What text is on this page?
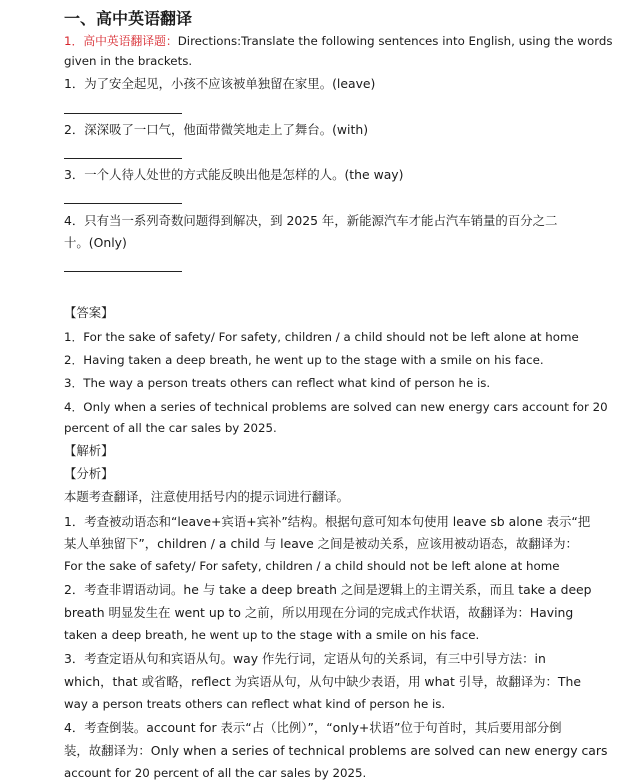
一、高中英语翻译
1．高中英语翻译题：Directions:Translate the following sentences into English, using the words
given in the brackets.
1．为了安全起见，小孩不应该被单独留在家里。(leave)
2．深深吸了一口气，他面带微笑地走上了舞台。(with)
3．一个人待人处世的方式能反映出他是怎样的人。(the way)
4．只有当一系列奇数问题得到解决，到 2025 年，新能源汽车才能占汽车销量的百分之二
十。(Only)
【答案】
1．For the sake of safety/ For safety, children / a child should not be left alone at home
2．Having taken a deep breath, he went up to the stage with a smile on his face.
3．The way a person treats others can reflect what kind of person he is.
4．Only when a series of technical problems are solved can new energy cars account for 20
percent of all the car sales by 2025.
【解析】
【分析】
本题考查翻译，注意使用括号内的提示词进行翻译。
1．考查被动语态和“leave+宾语+宾补”结构。根据句意可知本句使用 leave sb alone 表示“把
某人单独留下”，children / a child 与 leave 之间是被动关系，应该用被动语态，故翻译为：
For the sake of safety/ For safety, children / a child should not be left alone at home
2．考查非谓语动词。he 与 take a deep breath 之间是逻辑上的主谓关系，而且 take a deep
breath 明显发生在 went up to 之前，所以用现在分词的完成式作状语，故翻译为：Having
taken a deep breath, he went up to the stage with a smile on his face.
3．考查定语从句和宾语从句。way 作先行词，定语从句的关系词，有三中引导方法：in
which，that 或省略，reflect 为宾语从句，从句中缺少表语，用 what 引导，故翻译为：The
way a person treats others can reflect what kind of person he is.
4．考查倒装。account for 表示“占（比例）”，“only+状语”位于句首时，其后要用部分倒
装，故翻译为：Only when a series of technical problems are solved can new energy cars
account for 20 percent of all the car sales by 2025.
